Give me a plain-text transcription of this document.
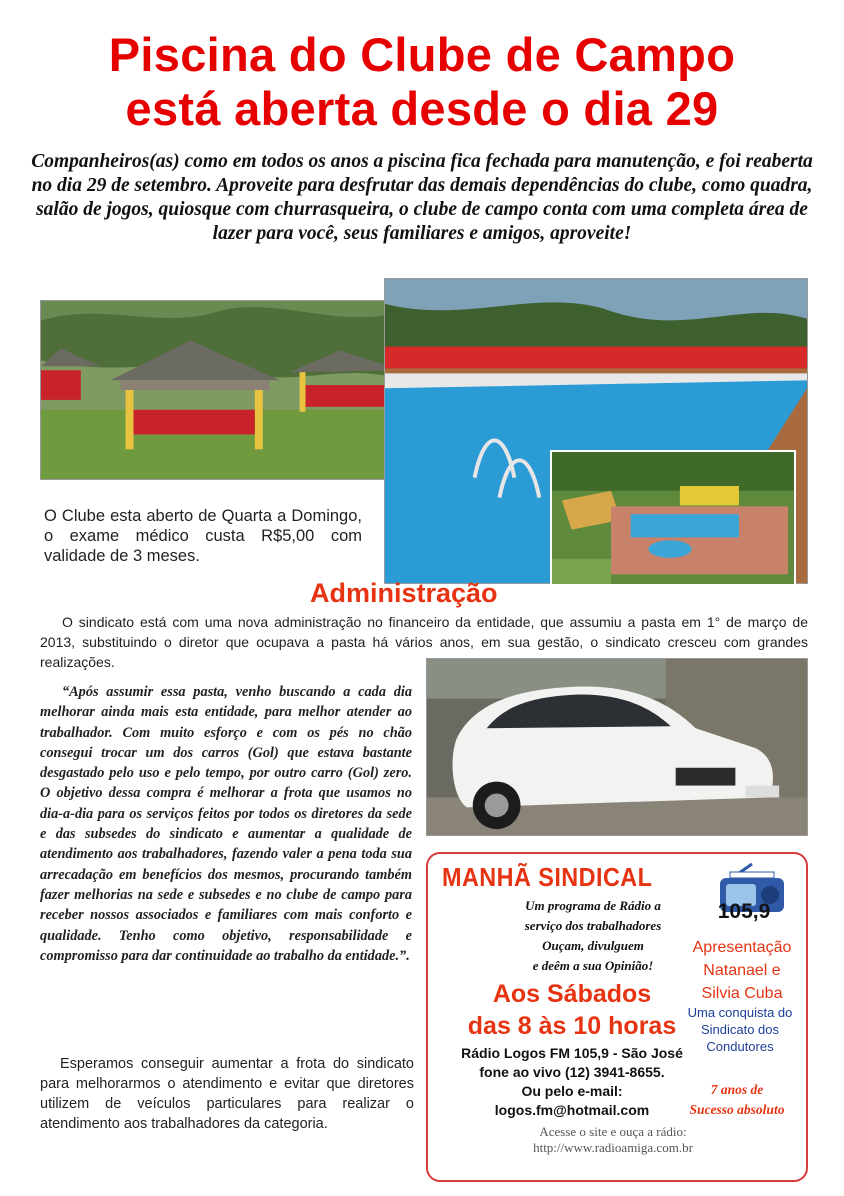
Piscina do Clube de Campo
está aberta desde o dia 29

Companheiros(as) como em todos os anos a piscina fica fechada para manutenção, e foi reaberta no dia 29 de setembro. Aproveite para desfrutar das demais dependências do clube, como quadra, salão de jogos, quiosque com churrasqueira, o clube de campo conta com uma completa área de lazer para você, seus familiares e amigos, aproveite!

O Clube esta aberto de Quarta a Domingo, o exame médico custa R$5,00 com validade de 3 meses.

Administração

O sindicato está com uma nova administração no financeiro da entidade, que assumiu a pasta em 1° de março de 2013, substituindo o diretor que ocupava a pasta há vários anos, em sua gestão, o sindicato cresceu com grandes realizações.

“Após assumir essa pasta, venho buscando a cada dia melhorar ainda mais esta entidade, para melhor atender ao trabalhador. Com muito esforço e com os pés no chão consegui trocar um dos carros (Gol) que estava bastante desgastado pelo uso e pelo tempo, por outro carro (Gol) zero. O objetivo dessa compra é melhorar a frota que usamos no dia-a-dia para os serviços feitos por todos os diretores da sede e das subsedes do sindicato e aumentar a qualidade de atendimento aos trabalhadores, fazendo valer a pena toda sua arrecadação em benefícios dos mesmos, procurando também fazer melhorias na sede e subsedes e no clube de campo para receber nossos associados e familiares com mais conforto e qualidade. Tenho como objetivo, responsabilidade e compromisso para dar continuidade ao trabalho da entidade.”.

Esperamos conseguir aumentar a frota do sindicato para melhorarmos o atendimento e evitar que diretores utilizem de veículos particulares para realizar o atendimento aos trabalhadores da categoria.

MANHÃ SINDICAL
105,9
Um programa de Rádio a
serviço dos trabalhadores
Ouçam, divulguem
e deêm a sua Opinião!
Apresentação
Natanael e
Silvia Cuba
Aos Sábados
das 8 às 10 horas Uma conquista do
Sindicato dos
Condutores
Rádio Logos FM 105,9 - São José
fone ao vivo (12) 3941-8655.
Ou pelo e-mail:
logos.fm@hotmail.com
7 anos de
Sucesso absoluto
Acesse o site e ouça a rádio:
http://www.radioamiga.com.br
